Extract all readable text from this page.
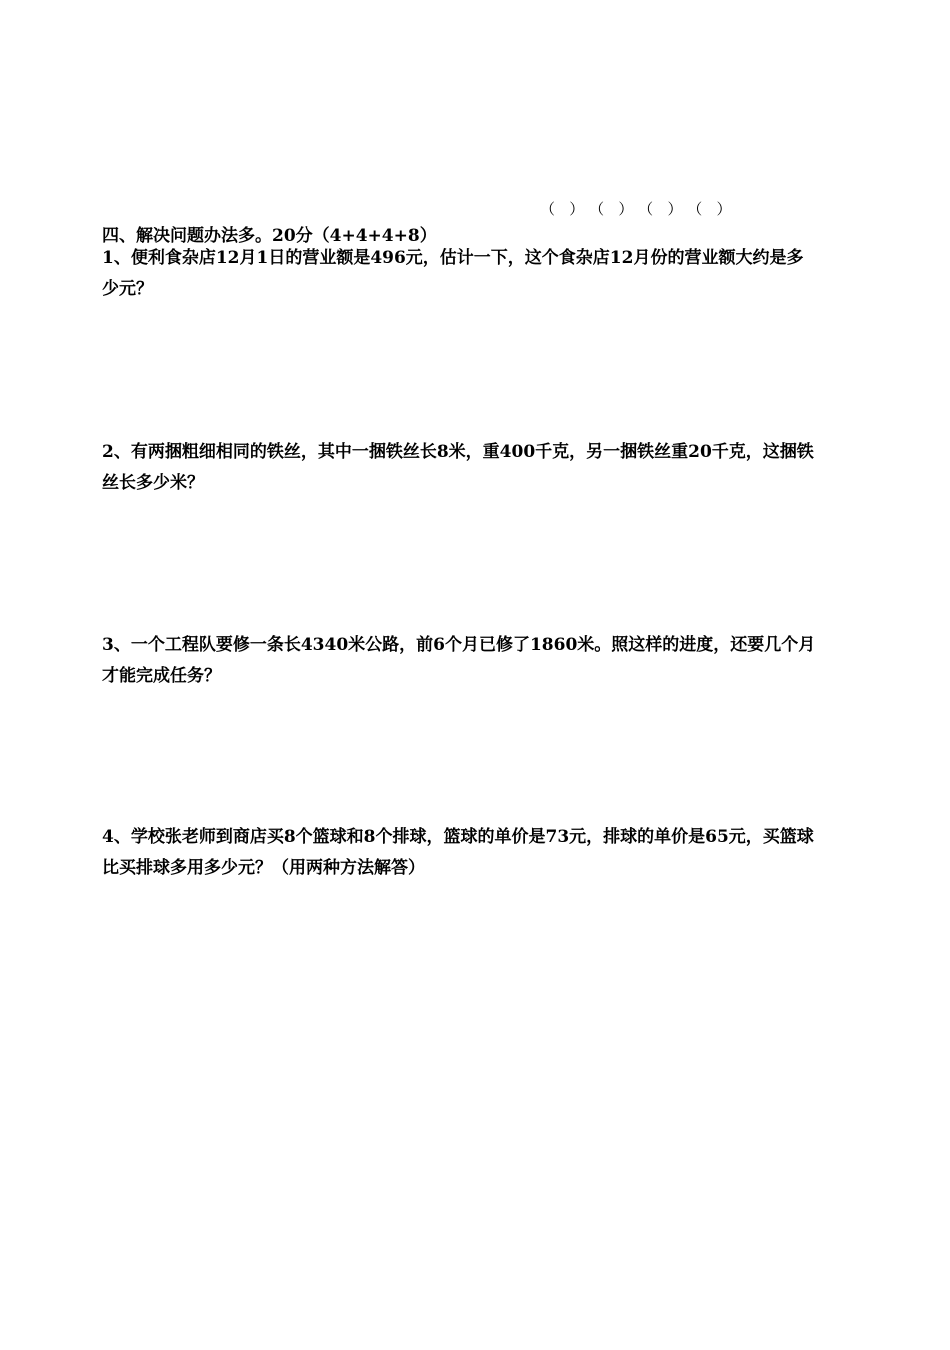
（   ） （   ） （   ） （   ）
四、解决问题办法多。20分（4+4+4+8）
1、便利食杂店12月1日的营业额是496元，估计一下，这个食杂店12月份的营业额大约是多
少元？
2、有两捆粗细相同的铁丝，其中一捆铁丝长8米，重400千克，另一捆铁丝重20千克，这捆铁
丝长多少米？
3、一个工程队要修一条长4340米公路，前6个月已修了1860米。照这样的进度，还要几个月
才能完成任务？
4、学校张老师到商店买8个篮球和8个排球，篮球的单价是73元，排球的单价是65元，买篮球
比买排球多用多少元？（用两种方法解答）
